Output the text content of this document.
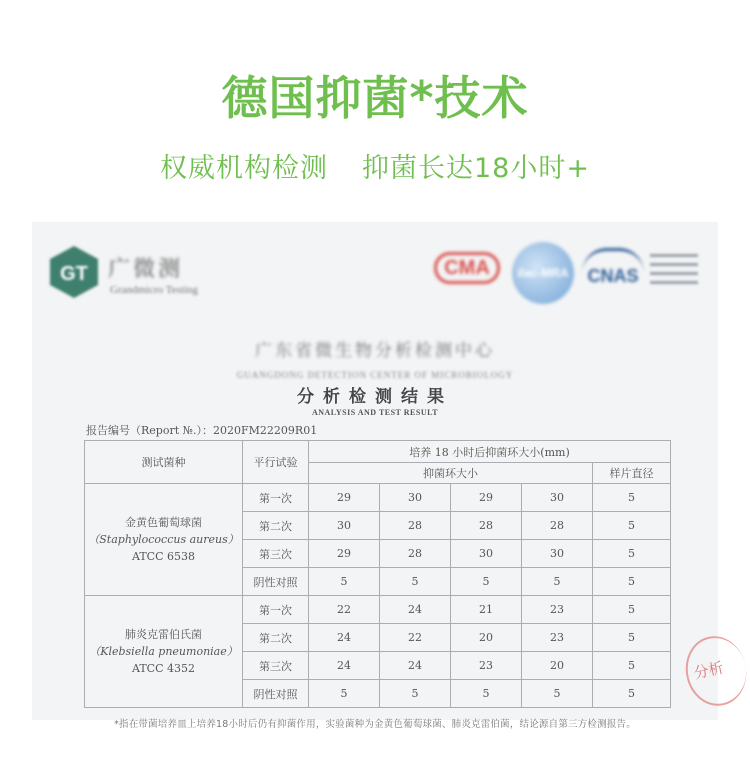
德国抑菌*技术
权威机构检测 抑菌长达18小时+
GT 广微测
Grandmicro Testing
CMA	ilac-MRA	CNAS
广东省微生物分析检测中心
GUANGDONG DETECTION CENTER OF MICROBIOLOGY
分析检测结果
ANALYSIS AND TEST RESULT
报告编号（Report №.）：2020FM22209R01
测试菌种	平行试验	培养 18 小时后抑菌环大小(mm)				
		抑菌环大小				样片直径

金黄色葡萄球菌
（Staphylococcus aureus）
ATCC 6538	第一次	29	30	29	30	5
	第二次	30	28	28	28	5
	第三次	29	28	30	30	5
	阴性对照	5	5	5	5	5

肺炎克雷伯氏菌
（Klebsiella pneumoniae）
ATCC 4352	第一次	22	24	21	23	5
	第二次	24	22	20	23	5
	第三次	24	24	23	20	5
	阴性对照	5	5	5	5	5
分析
*指在带菌培养皿上培养18小时后仍有抑菌作用，实验菌种为金黄色葡萄球菌、肺炎克雷伯菌，结论源自第三方检测报告。
